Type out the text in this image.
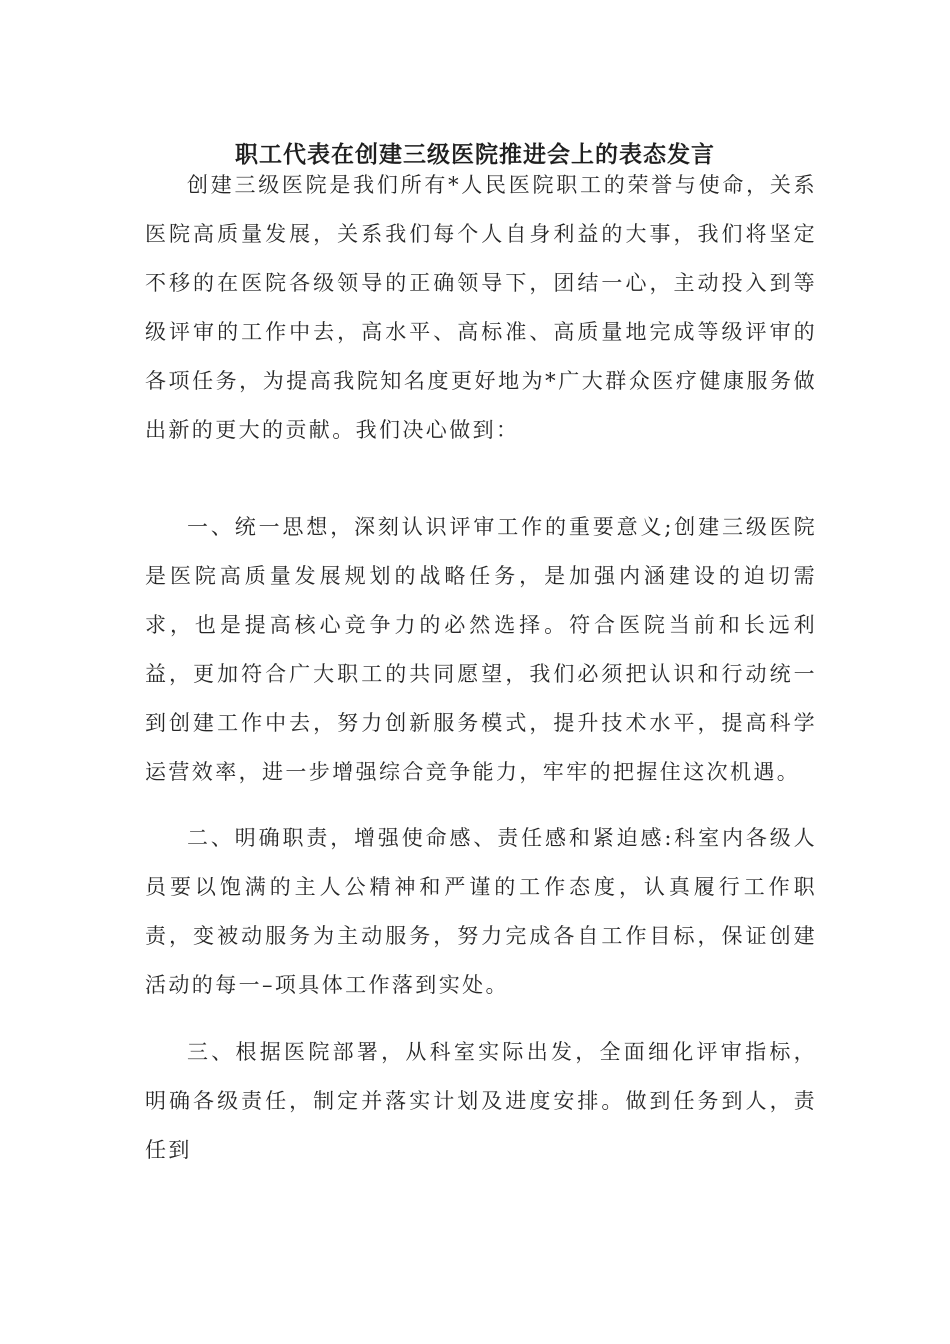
职工代表在创建三级医院推进会上的表态发言

创建三级医院是我们所有*人民医院职工的荣誉与使命，关系医院高质量发展，关系我们每个人自身利益的大事，我们将坚定不移的在医院各级领导的正确领导下，团结一心，主动投入到等级评审的工作中去，高水平、高标准、高质量地完成等级评审的各项任务，为提高我院知名度更好地为*广大群众医疗健康服务做出新的更大的贡献。我们决心做到：

一、统一思想，深刻认识评审工作的重要意义;创建三级医院是医院高质量发展规划的战略任务，是加强内涵建设的迫切需求，也是提高核心竞争力的必然选择。符合医院当前和长远利益，更加符合广大职工的共同愿望，我们必须把认识和行动统一到创建工作中去，努力创新服务模式，提升技术水平，提高科学运营效率，进一步增强综合竞争能力，牢牢的把握住这次机遇。

二、明确职责，增强使命感、责任感和紧迫感:科室内各级人员要以饱满的主人公精神和严谨的工作态度，认真履行工作职责，变被动服务为主动服务，努力完成各自工作目标，保证创建活动的每一–项具体工作落到实处。

三、根据医院部署，从科室实际出发，全面细化评审指标，明确各级责任，制定并落实计划及进度安排。做到任务到人，责任到
